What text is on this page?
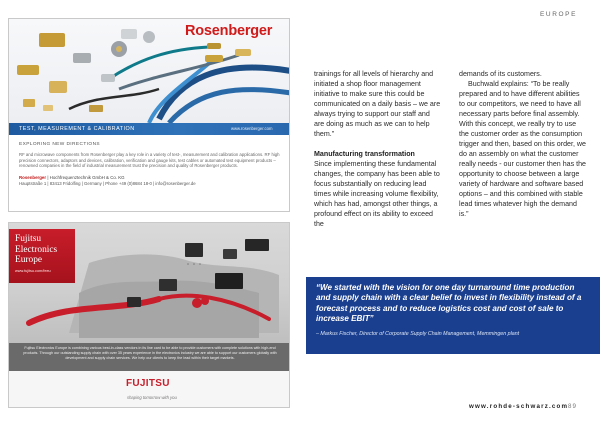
EUROPE
Rosenberger
TEST, MEASUREMENT & CALIBRATION	www.rosenberger.com
EXPLORING NEW DIRECTIONS
RF and microwave components from Rosenberger play a key role in a variety of test-, measurement and calibration applications. RF high precision connectors, adaptors and devices, calibration, verification and gauge kits, test cables or automated test equipment products – renowned companies in the field of industrial measurement trust the precision and quality of Rosenberger products.
Rosenberger | Hochfrequenztechnik GmbH & Co. KG
Hauptstraße 1 | 83413 Fridolfing | Germany | Phone +49 (0)8684 18-0 | info@rosenberger.de
Fujitsu Electronics Europe
www.fujitsu.com/feeu

Fujitsu Electronics Europe is combining various best-in-class vendors in its line card to be able to provide customers with complete solutions with high-end products. Through our outstanding supply chain with over 35 years experience in the electronics industry we are able to support our customers globally with development and supply chain services. We help our clients to keep the lead within their target markets.

FUJITSU
shaping tomorrow with you

trainings for all levels of hierarchy and initiated a shop floor management initiative to make sure this could be communicated on a daily basis – we are always trying to support our staff and are doing as much as we can to help them.”

Manufacturing transformation

Since implementing these fundamental changes, the company has been able to focus substantially on reducing lead times while increasing volume flexibility, which has had, amongst other things, a profound effect on its ability to exceed the

demands of its customers.

Buchwald explains: “To be really prepared and to have different abilities to our competitors, we need to have all necessary parts before final assembly. With this concept, we really try to use the customer order as the consumption trigger and then, based on this order, we do an assembly on what the customer really needs - our customer then has the opportunity to choose between a large variety of hardware and software based options – and this combined with stable lead times whatever high the demand is.”

“We started with the vision for one day turnaround time production and supply chain with a clear belief to invest in flexibility instead of a forecast process and to reduce logistics cost and cost of sale to increase EBIT”
– Markus Fischer, Director of Corporate Supply Chain Management, Memmingen plant
www.rohde-schwarz.com 89
